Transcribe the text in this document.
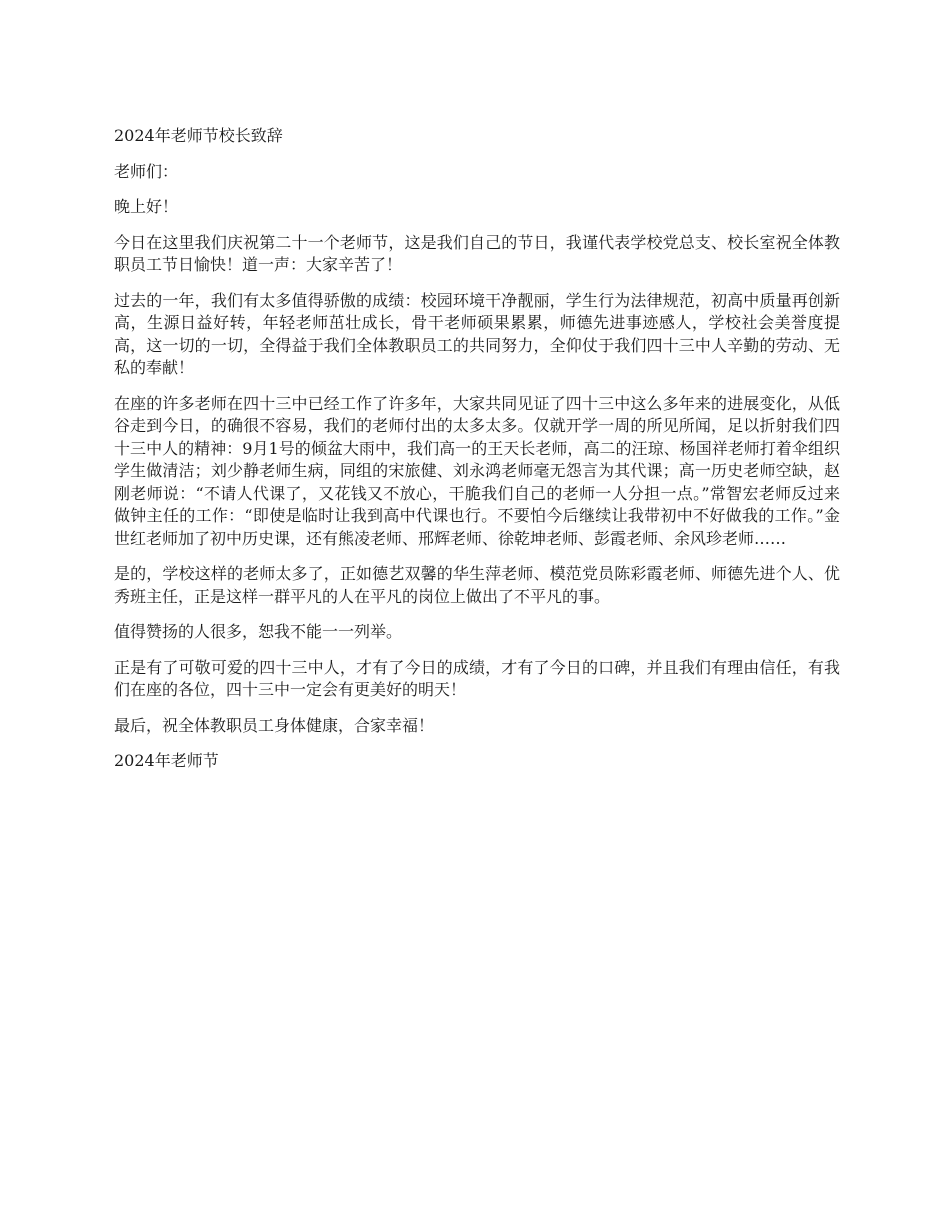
2024年老师节校长致辞

老师们：

晚上好！

今日在这里我们庆祝第二十一个老师节，这是我们自己的节日，我谨代表学校党总支、校长室祝全体教职员工节日愉快！道一声：大家辛苦了！

过去的一年，我们有太多值得骄傲的成绩：校园环境干净靓丽，学生行为法律规范，初高中质量再创新高，生源日益好转，年轻老师茁壮成长，骨干老师硕果累累，师德先进事迹感人，学校社会美誉度提高，这一切的一切，全得益于我们全体教职员工的共同努力，全仰仗于我们四十三中人辛勤的劳动、无私的奉献！

在座的许多老师在四十三中已经工作了许多年，大家共同见证了四十三中这么多年来的进展变化，从低谷走到今日，的确很不容易，我们的老师付出的太多太多。仅就开学一周的所见所闻，足以折射我们四十三中人的精神：9月1号的倾盆大雨中，我们高一的王天长老师，高二的汪琼、杨国祥老师打着伞组织学生做清洁；刘少静老师生病，同组的宋旅健、刘永鸿老师毫无怨言为其代课；高一历史老师空缺，赵刚老师说：“不请人代课了，又花钱又不放心，干脆我们自己的老师一人分担一点。”常智宏老师反过来做钟主任的工作：“即使是临时让我到高中代课也行。不要怕今后继续让我带初中不好做我的工作。”金世红老师加了初中历史课，还有熊凌老师、邢辉老师、徐乾坤老师、彭霞老师、余风珍老师……

是的，学校这样的老师太多了，正如德艺双馨的华生萍老师、模范党员陈彩霞老师、师德先进个人、优秀班主任，正是这样一群平凡的人在平凡的岗位上做出了不平凡的事。

值得赞扬的人很多，恕我不能一一列举。

正是有了可敬可爱的四十三中人，才有了今日的成绩，才有了今日的口碑，并且我们有理由信任，有我们在座的各位，四十三中一定会有更美好的明天！

最后，祝全体教职员工身体健康，合家幸福！

2024年老师节
